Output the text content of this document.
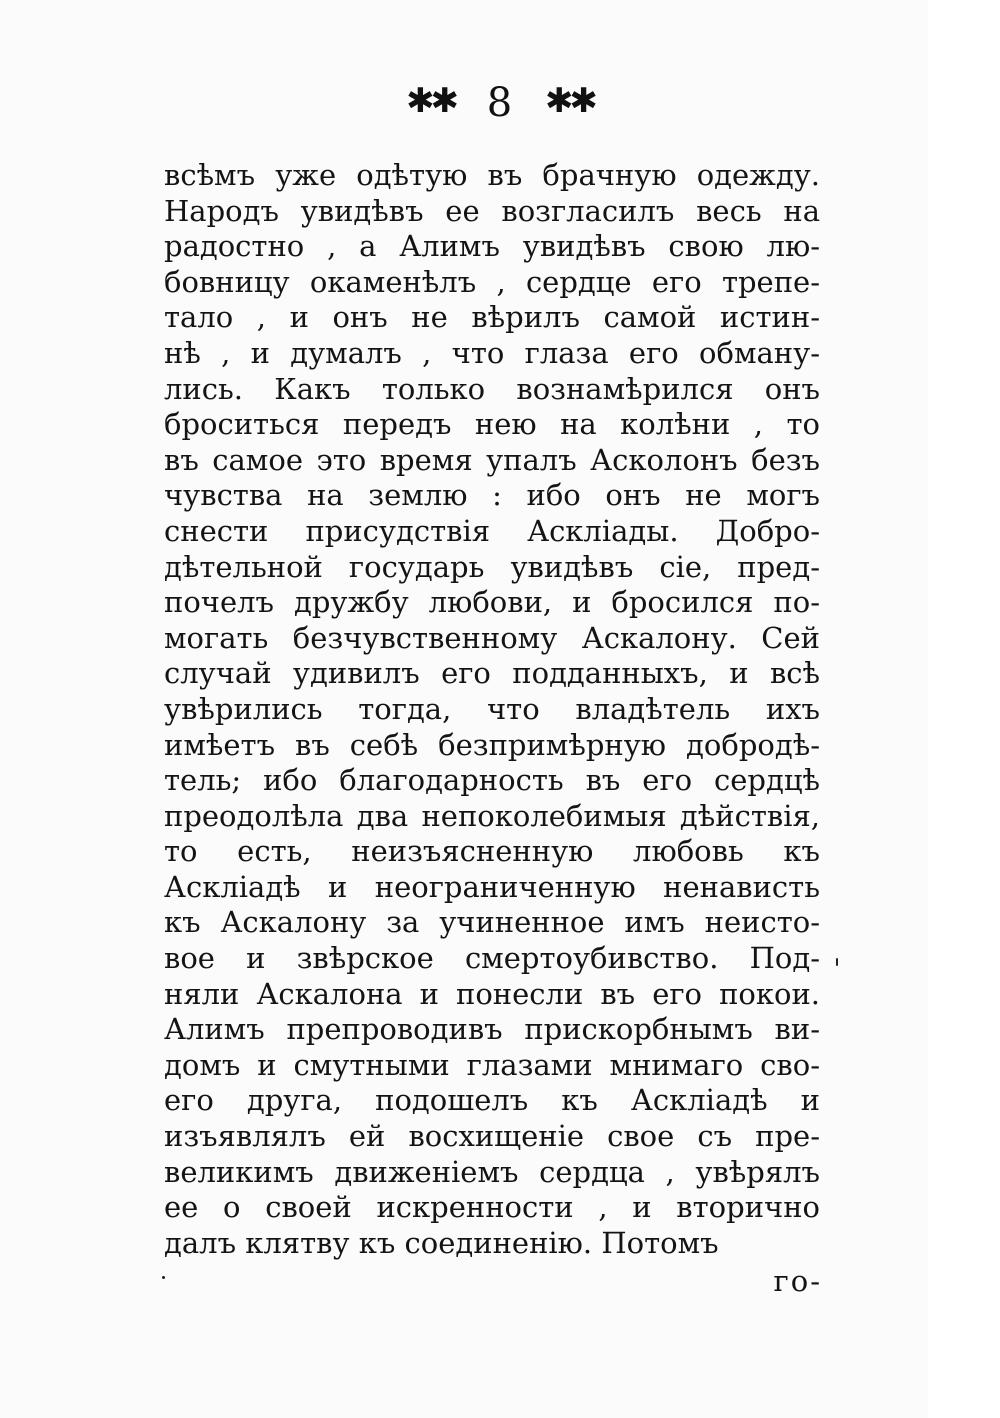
✱✱ 8 ✱✱
всѣмъ уже одѣтую въ брачную одежду.
Народъ увидѣвъ ее возгласилъ весь на
радостно , а Алимъ увидѣвъ свою лю-
бовницу окаменѣлъ , сердце его трепе-
тало , и онъ не вѣрилъ самой истин-
нѣ , и думалъ , что глаза его обману-
лись. Какъ только вознамѣрился онъ
броситься передъ нею на колѣни , то
въ самое это время упалъ Асколонъ безъ
чувства на землю : ибо онъ не могъ
снести присудствія Аскліады. Добро-
дѣтельной государь увидѣвъ сіе, пред-
почелъ дружбу любови, и бросился по-
могать безчувственному Аскалону. Сей
случай удивилъ его подданныхъ, и всѣ
увѣрились тогда, что владѣтель ихъ
имѣетъ въ себѣ безпримѣрную добродѣ-
тель; ибо благодарность въ его сердцѣ
преодолѣла два непоколебимыя дѣйствія,
то есть, неизъясненную любовь къ
Аскліадѣ и неограниченную ненависть
къ Аскалону за учиненное имъ неисто-
вое и звѣрское смертоубивство. Под-
няли Аскалона и понесли въ его покои.
Алимъ препроводивъ прискорбнымъ ви-
домъ и смутными глазами мнимаго сво-
его друга, подошелъ къ Аскліадѣ и
изъявлялъ ей восхищеніе свое съ пре-
великимъ движеніемъ сердца , увѣрялъ
ее о своей искренности , и вторично
далъ клятву къ соединенію. Потомъ
го-
